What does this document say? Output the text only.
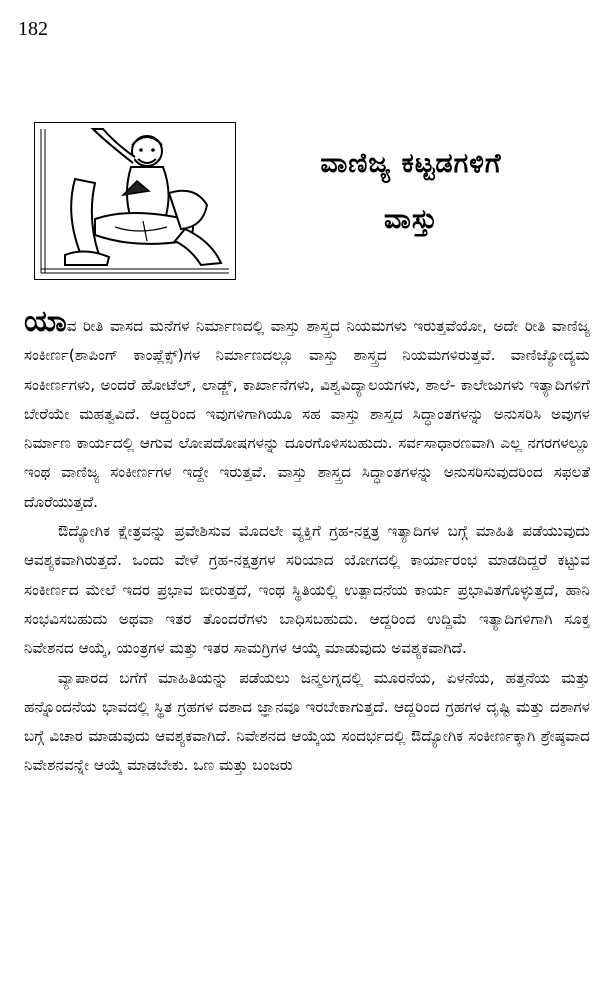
182
ವಾಣಿಜ್ಯ ಕಟ್ಟಡಗಳಿಗೆ
ವಾಸ್ತು

ಯಾವ ರೀತಿ ವಾಸದ ಮನೆಗಳ ನಿರ್ಮಾಣದಲ್ಲಿ ವಾಸ್ತು ಶಾಸ್ತ್ರದ ನಿಯಮಗಳು ಇರುತ್ತವೆಯೋ, ಅದೇ ರೀತಿ ವಾಣಿಜ್ಯ ಸಂಕೀರ್ಣ(ಶಾಪಿಂಗ್ ಕಾಂಪ್ಲೆಕ್ಸ್)ಗಳ ನಿರ್ಮಾಣದಲ್ಲೂ ವಾಸ್ತು ಶಾಸ್ತ್ರದ ನಿಯಮಗಳಿರುತ್ತವೆ. ವಾಣಿಜ್ಯೋದ್ಯಮ ಸಂಕೀರ್ಣಗಳು, ಅಂದರೆ ಹೋಟೆಲ್, ಲಾಡ್ಜ್, ಕಾರ್ಖಾನೆಗಳು, ವಿಶ್ವವಿದ್ಯಾಲಯಗಳು, ಶಾಲೆ- ಕಾಲೇಜುಗಳು ಇತ್ಯಾದಿಗಳಿಗೆ ಬೇರೆಯೇ ಮಹತ್ವವಿದೆ. ಆದ್ದರಿಂದ ಇವುಗಳಿಗಾಗಿಯೂ ಸಹ ವಾಸ್ತು ಶಾಸ್ತದ ಸಿದ್ಧಾಂತಗಳನ್ನು ಅನುಸರಿಸಿ ಅವುಗಳ ನಿರ್ಮಾಣ ಕಾರ್ಯದಲ್ಲಿ ಆಗುವ ಲೋಪದೋಷಗಳನ್ನು ದೂರಗೊಳಿಸಬಹುದು. ಸರ್ವಸಾಧಾರಣವಾಗಿ ಎಲ್ಲ ನಗರಗಳಲ್ಲೂ ಇಂಥ ವಾಣಿಜ್ಯ ಸಂಕೀರ್ಣಗಳ ಇದ್ದೇ ಇರುತ್ತವೆ. ವಾಸ್ತು ಶಾಸ್ತ್ರದ ಸಿದ್ಧಾಂತಗಳನ್ನು ಅನುಸರಿಸುವುದರಿಂದ ಸಫಲತೆ ದೊರೆಯುತ್ತದೆ.

ಔದ್ಯೋಗಿಕ ಕ್ಷೇತ್ರವನ್ನು ಪ್ರವೇಶಿಸುವ ಮೊದಲೇ ವ್ಯಕ್ತಿಗೆ ಗ್ರಹ-ನಕ್ಷತ್ರ ಇತ್ಯಾದಿಗಳ ಬಗ್ಗೆ ಮಾಹಿತಿ ಪಡೆಯುವುದು ಆವಶ್ಯಕವಾಗಿರುತ್ತದೆ. ಒಂದು ವೇಳೆ ಗ್ರಹ-ನಕ್ಷತ್ರಗಳ ಸರಿಯಾದ ಯೋಗದಲ್ಲಿ ಕಾರ್ಯಾರಂಭ ಮಾಡದಿದ್ದರೆ ಕಟ್ಟುವ ಸಂಕೀರ್ಣದ ಮೇಲೆ ಇದರ ಪ್ರಭಾವ ಬೀರುತ್ತದೆ, ಇಂಥ ಸ್ಥಿತಿಯಲ್ಲಿ ಉತ್ಪಾದನೆಯ ಕಾರ್ಯ ಪ್ರಭಾವಿತಗೊಳ್ಳುತ್ತದೆ, ಹಾನಿ ಸಂಭವಿಸಬಹುದು ಅಥವಾ ಇತರ ತೊಂದರೆಗಳು ಬಾಧಿಸಬಹುದು. ಆದ್ದರಿಂದ ಉದ್ದಿಮೆ ಇತ್ಯಾದಿಗಳಿಗಾಗಿ ಸೂಕ್ತ ನಿವೇಶನದ ಆಯ್ಕೆ, ಯಂತ್ರಗಳ ಮತ್ತು ಇತರ ಸಾಮಗ್ರಿಗಳ ಆಯ್ಕೆ ಮಾಡುವುದು ಅವಶ್ಯಕವಾಗಿದೆ.

ವ್ಯಾಪಾರದ ಬಗೆಗೆ ಮಾಹಿತಿಯನ್ನು ಪಡೆಯಲು ಜನ್ಮಲಗ್ನದಲ್ಲಿ ಮೂರನೆಯ, ಏಳನೆಯ, ಹತ್ತನೆಯ ಮತ್ತು ಹನ್ನೊಂದನೆಯ ಭಾವದಲ್ಲಿ ಸ್ಥಿತ ಗ್ರಹಗಳ ದಶಾದ ಜ್ಞಾನವೂ ಇರಬೇಕಾಗುತ್ತದೆ. ಆದ್ದರಿಂದ ಗ್ರಹಗಳ ದೃಷ್ಟಿ ಮತ್ತು ದಶಾಗಳ ಬಗ್ಗೆ ವಿಚಾರ ಮಾಡುವುದು ಆವಶ್ಯಕವಾಗಿದೆ. ನಿವೇಶನದ ಆಯ್ಕೆಯ ಸಂದರ್ಭದಲ್ಲಿ ಔದ್ಯೋಗಿಕ ಸಂಕೀರ್ಣಕ್ಕಾಗಿ ಶ್ರೇಷ್ಠವಾದ ನಿವೇಶನವನ್ನೇ ಆಯ್ಕೆ ಮಾಡಬೇಕು. ಒಣ ಮತ್ತು ಬಂಜರು
